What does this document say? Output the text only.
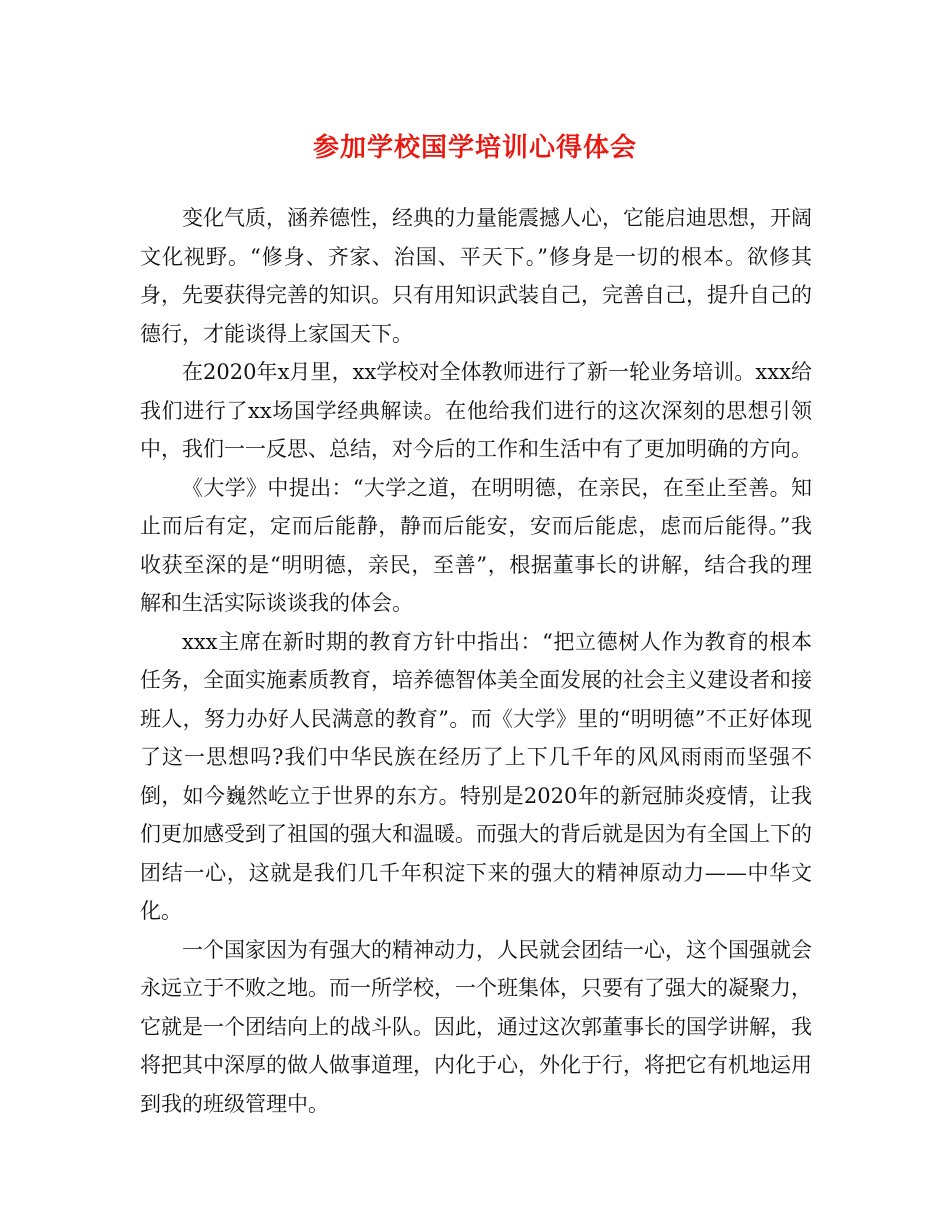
参加学校国学培训心得体会

变化气质，涵养德性，经典的力量能震撼人心，它能启迪思想，开阔文化视野。“修身、齐家、治国、平天下。”修身是一切的根本。欲修其身，先要获得完善的知识。只有用知识武装自己，完善自己，提升自己的德行，才能谈得上家国天下。

在2020年x月里，xx学校对全体教师进行了新一轮业务培训。xxx给我们进行了xx场国学经典解读。在他给我们进行的这次深刻的思想引领中，我们一一反思、总结，对今后的工作和生活中有了更加明确的方向。

《大学》中提出：“大学之道，在明明德，在亲民，在至止至善。知止而后有定，定而后能静，静而后能安，安而后能虑，虑而后能得。”我收获至深的是“明明德，亲民，至善”，根据董事长的讲解，结合我的理解和生活实际谈谈我的体会。

xxx主席在新时期的教育方针中指出：“把立德树人作为教育的根本任务，全面实施素质教育，培养德智体美全面发展的社会主义建设者和接班人，努力办好人民满意的教育”。而《大学》里的“明明德”不正好体现了这一思想吗?我们中华民族在经历了上下几千年的风风雨雨而坚强不倒，如今巍然屹立于世界的东方。特别是2020年的新冠肺炎疫情，让我们更加感受到了祖国的强大和温暖。而强大的背后就是因为有全国上下的团结一心，这就是我们几千年积淀下来的强大的精神原动力——中华文化。

一个国家因为有强大的精神动力，人民就会团结一心，这个国强就会永远立于不败之地。而一所学校，一个班集体，只要有了强大的凝聚力，它就是一个团结向上的战斗队。因此，通过这次郭董事长的国学讲解，我将把其中深厚的做人做事道理，内化于心，外化于行，将把它有机地运用到我的班级管理中。
